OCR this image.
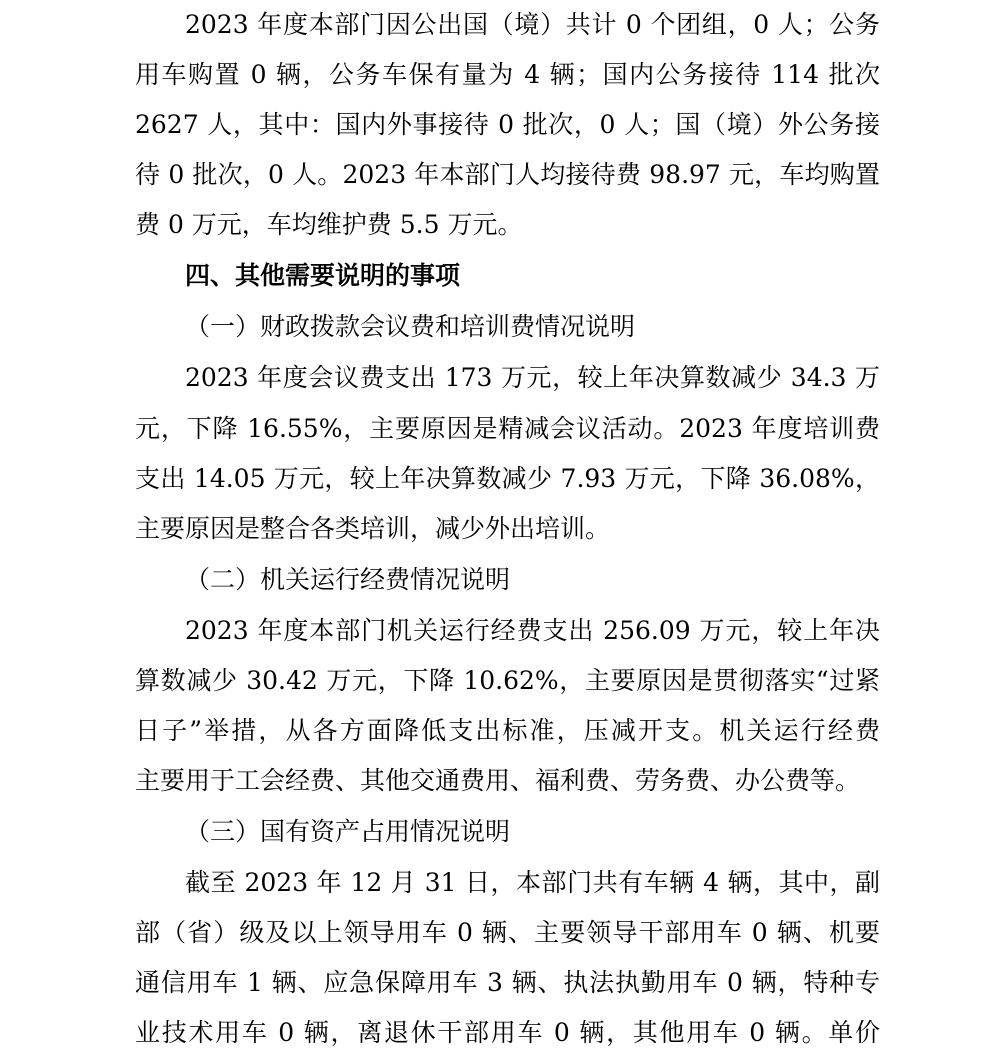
2023 年度本部门因公出国（境）共计 0 个团组，0 人；公务
用车购置 0 辆，公务车保有量为 4 辆；国内公务接待 114 批次
2627 人，其中：国内外事接待 0 批次，0 人；国（境）外公务接
待 0 批次，0 人。2023 年本部门人均接待费 98.97 元，车均购置
费 0 万元，车均维护费 5.5 万元。
四、其他需要说明的事项
（一）财政拨款会议费和培训费情况说明
2023 年度会议费支出 173 万元，较上年决算数减少 34.3 万
元，下降 16.55%，主要原因是精减会议活动。2023 年度培训费
支出 14.05 万元，较上年决算数减少 7.93 万元，下降 36.08%，
主要原因是整合各类培训，减少外出培训。
（二）机关运行经费情况说明
2023 年度本部门机关运行经费支出 256.09 万元，较上年决
算数减少 30.42 万元，下降 10.62%，主要原因是贯彻落实“过紧
日子”举措，从各方面降低支出标准，压减开支。机关运行经费
主要用于工会经费、其他交通费用、福利费、劳务费、办公费等。
（三）国有资产占用情况说明
截至 2023 年 12 月 31 日，本部门共有车辆 4 辆，其中，副
部（省）级及以上领导用车 0 辆、主要领导干部用车 0 辆、机要
通信用车 1 辆、应急保障用车 3 辆、执法执勤用车 0 辆，特种专
业技术用车 0 辆，离退休干部用车 0 辆，其他用车 0 辆。单价
